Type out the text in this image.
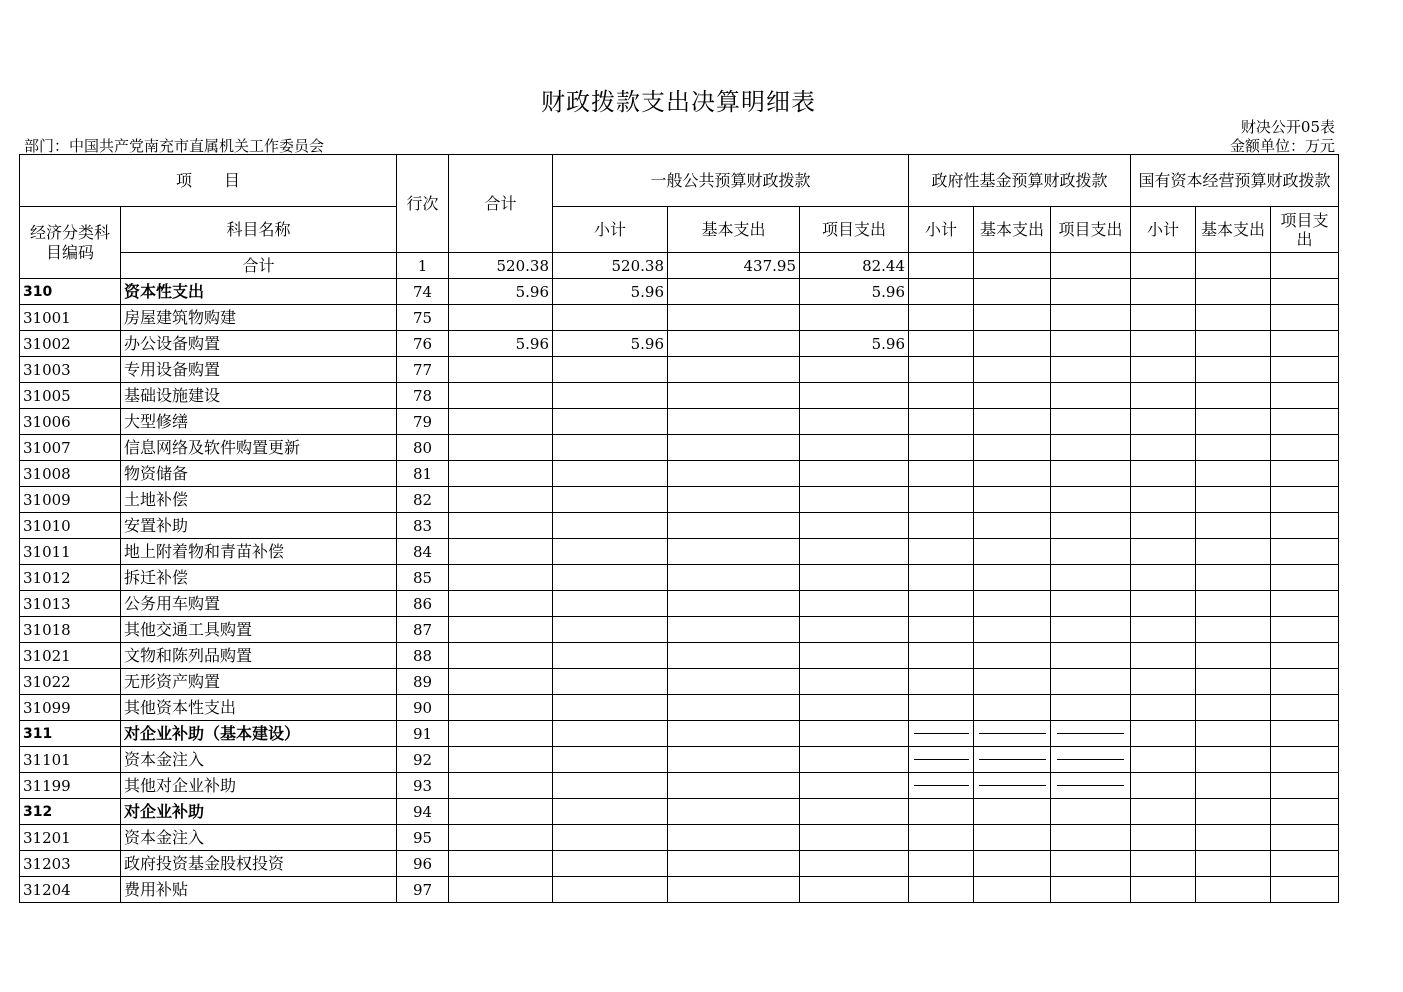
财政拨款支出决算明细表
财决公开05表
部门：中国共产党南充市直属机关工作委员会	金额单位：万元
项　　目		行次	合计	一般公共预算财政拨款			政府性基金预算财政拨款			国有资本经营预算财政拨款		
经济分类科目编码	科目名称			小计	基本支出	项目支出	小计	基本支出	项目支出	小计	基本支出	项目支出
	合计	1	520.38	520.38	437.95	82.44						
310	资本性支出	74	5.96	5.96		5.96						
31001	房屋建筑物购建	75										
31002	办公设备购置	76	5.96	5.96		5.96						
31003	专用设备购置	77										
31005	基础设施建设	78										
31006	大型修缮	79										
31007	信息网络及软件购置更新	80										
31008	物资储备	81										
31009	土地补偿	82										
31010	安置补助	83										
31011	地上附着物和青苗补偿	84										
31012	拆迁补偿	85										
31013	公务用车购置	86										
31018	其他交通工具购置	87										
31021	文物和陈列品购置	88										
31022	无形资产购置	89										
31099	其他资本性支出	90										
311	对企业补助（基本建设）	91					

31101	资本金注入	92					

31199	其他对企业补助	93					

312	对企业补助	94										
31201	资本金注入	95										
31203	政府投资基金股权投资	96										
31204	费用补贴	97										
